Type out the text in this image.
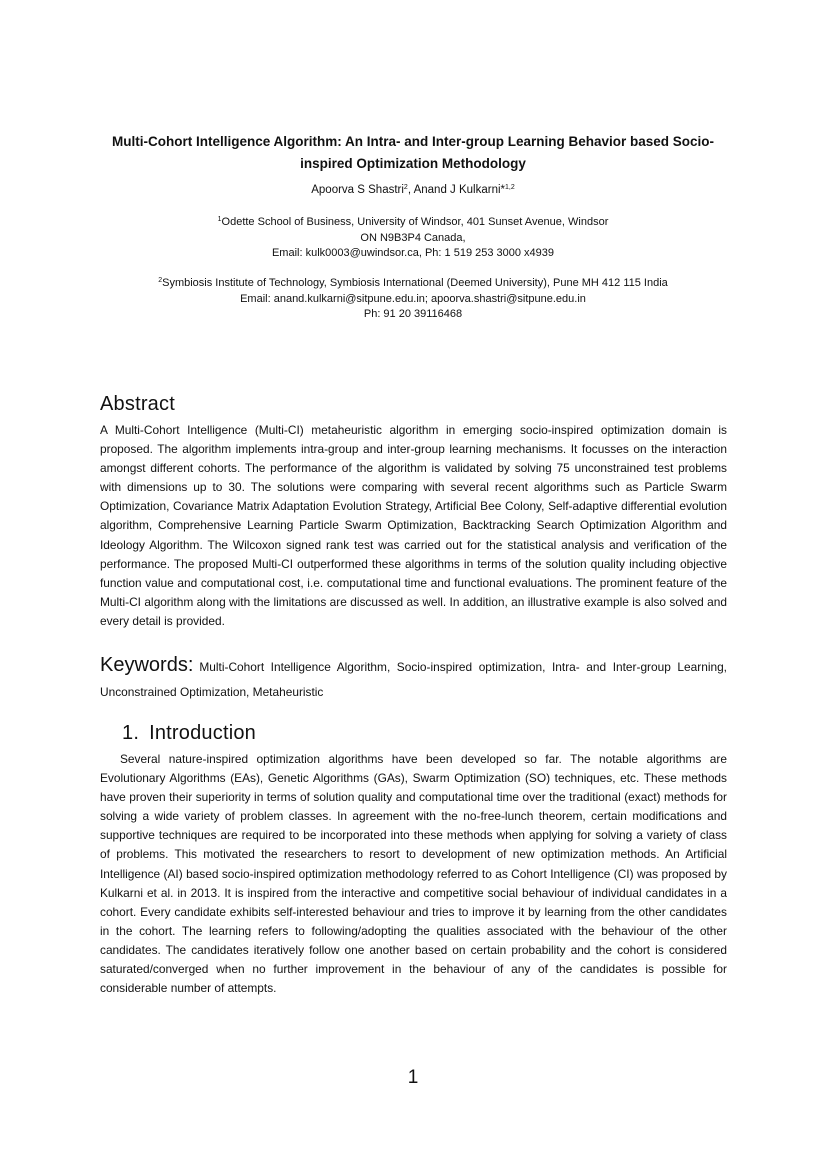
Multi-Cohort Intelligence Algorithm: An Intra- and Inter-group Learning Behavior based Socio-
inspired Optimization Methodology

Apoorva S Shastri$^2$, Anand J Kulkarni*$^{1,2}$

$^1$Odette School of Business, University of Windsor, 401 Sunset Avenue, Windsor
ON N9B3P4 Canada,
Email: kulk0003@uwindsor.ca, Ph: 1 519 253 3000 x4939

$^2$Symbiosis Institute of Technology, Symbiosis International (Deemed University), Pune MH 412 115 India
Email: anand.kulkarni@sitpune.edu.in; apoorva.shastri@sitpune.edu.in
Ph: 91 20 39116468

Abstract

A Multi-Cohort Intelligence (Multi-CI) metaheuristic algorithm in emerging socio-inspired optimization domain is proposed. The algorithm implements intra-group and inter-group learning mechanisms. It focusses on the interaction amongst different cohorts. The performance of the algorithm is validated by solving 75 unconstrained test problems with dimensions up to 30. The solutions were comparing with several recent algorithms such as Particle Swarm Optimization, Covariance Matrix Adaptation Evolution Strategy, Artificial Bee Colony, Self-adaptive differential evolution algorithm, Comprehensive Learning Particle Swarm Optimization, Backtracking Search Optimization Algorithm and Ideology Algorithm. The Wilcoxon signed rank test was carried out for the statistical analysis and verification of the performance. The proposed Multi-CI outperformed these algorithms in terms of the solution quality including objective function value and computational cost, i.e. computational time and functional evaluations. The prominent feature of the Multi-CI algorithm along with the limitations are discussed as well. In addition, an illustrative example is also solved and every detail is provided.

Keywords: Multi-Cohort Intelligence Algorithm, Socio-inspired optimization, Intra- and Inter-group Learning, Unconstrained Optimization, Metaheuristic

1. Introduction

Several nature-inspired optimization algorithms have been developed so far. The notable algorithms are Evolutionary Algorithms (EAs), Genetic Algorithms (GAs), Swarm Optimization (SO) techniques, etc. These methods have proven their superiority in terms of solution quality and computational time over the traditional (exact) methods for solving a wide variety of problem classes. In agreement with the no-free-lunch theorem, certain modifications and supportive techniques are required to be incorporated into these methods when applying for solving a variety of class of problems. This motivated the researchers to resort to development of new optimization methods. An Artificial Intelligence (AI) based socio-inspired optimization methodology referred to as Cohort Intelligence (CI) was proposed by Kulkarni et al. in 2013. It is inspired from the interactive and competitive social behaviour of individual candidates in a cohort. Every candidate exhibits self-interested behaviour and tries to improve it by learning from the other candidates in the cohort. The learning refers to following/adopting the qualities associated with the behaviour of the other candidates. The candidates iteratively follow one another based on certain probability and the cohort is considered saturated/converged when no further improvement in the behaviour of any of the candidates is possible for considerable number of attempts.

1
